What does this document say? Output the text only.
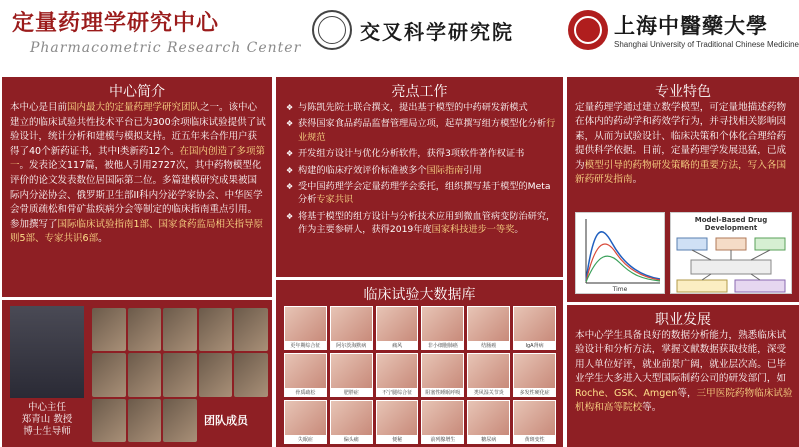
定量药理学研究中心
Pharmacometric Research Center
交叉科学研究院	上海中醫藥大學
Shanghai University of Traditional Chinese Medicine
中心简介
本中心是目前国内最大的定量药理学研究团队之一。该中心建立的临床试验共性技术平台已为300余项临床试验提供了试验设计，统计分析和建模与模拟支持。近五年来合作用户获得了40个新药证书，其中I类新药12个。在国内创造了多项第一。发表论文117篇，被他人引用2727次，其中药物模型化评价的论文发表数位居国际第二位。多篇建模研究成果被国际内分泌协会、俄罗斯卫生部II科内分泌学家协会、中华医学会骨质疏松和骨矿盐疾病分会等制定的临床指南重点引用。参加撰写了国际临床试验指南1部、国家食药监局相关指导原则5部、专家共识6部。
中心主任
郑青山 教授
博士生导师
团队成员
亮点工作
❖ 与陈凯先院士联合撰文，提出基于模型的中药研发新模式
❖ 获得国家食品药品监督管理局立项，起草撰写组方模型化分析行业规范
❖ 开发组方设计与优化分析软件，获得3项软件著作权证书
❖ 构建的临床疗效评价标准被多个国际指南引用
❖ 受中国药理学会定量药理学会委托，组织撰写基于模型的Meta分析专家共识
❖ 将基于模型的组方设计与分析技术应用到微血管病变防治研究，作为主要参研人，获得2019年度国家科技进步一等奖。
临床试验大数据库
更年期综合征	阿尔茨海默病	痛风	非小细胞肺癌	结肠癌	IgA肾病
骨质疏松	肥胖症	不宁腿综合征	阻塞性睡眠呼吸	类风湿关节炎	多发性硬化症
失眠症	偏头痛	便秘	前列腺增生	糖尿病	黄斑变性
专业特色
定量药理学通过建立数学模型，可定量地描述药物在体内的药动学和药效学行为，并寻找相关影响因素，从而为试验设计、临床决策和个体化合理给药提供科学依据。目前，定量药理学发展迅猛，已成为模型引导的药物研发策略的重要方法，写入各国新药研发指南。
Time
Model-Based Drug Development
职业发展
本中心学生具备良好的数据分析能力，熟悉临床试验设计和分析方法，掌握文献数据获取技能，深受用人单位好评，就业前景广阔，就业层次高。已毕业学生大多进入大型国际制药公司的研发部门，如Roche、GSK、Amgen等，三甲医院药物临床试验机构和高等院校等。
